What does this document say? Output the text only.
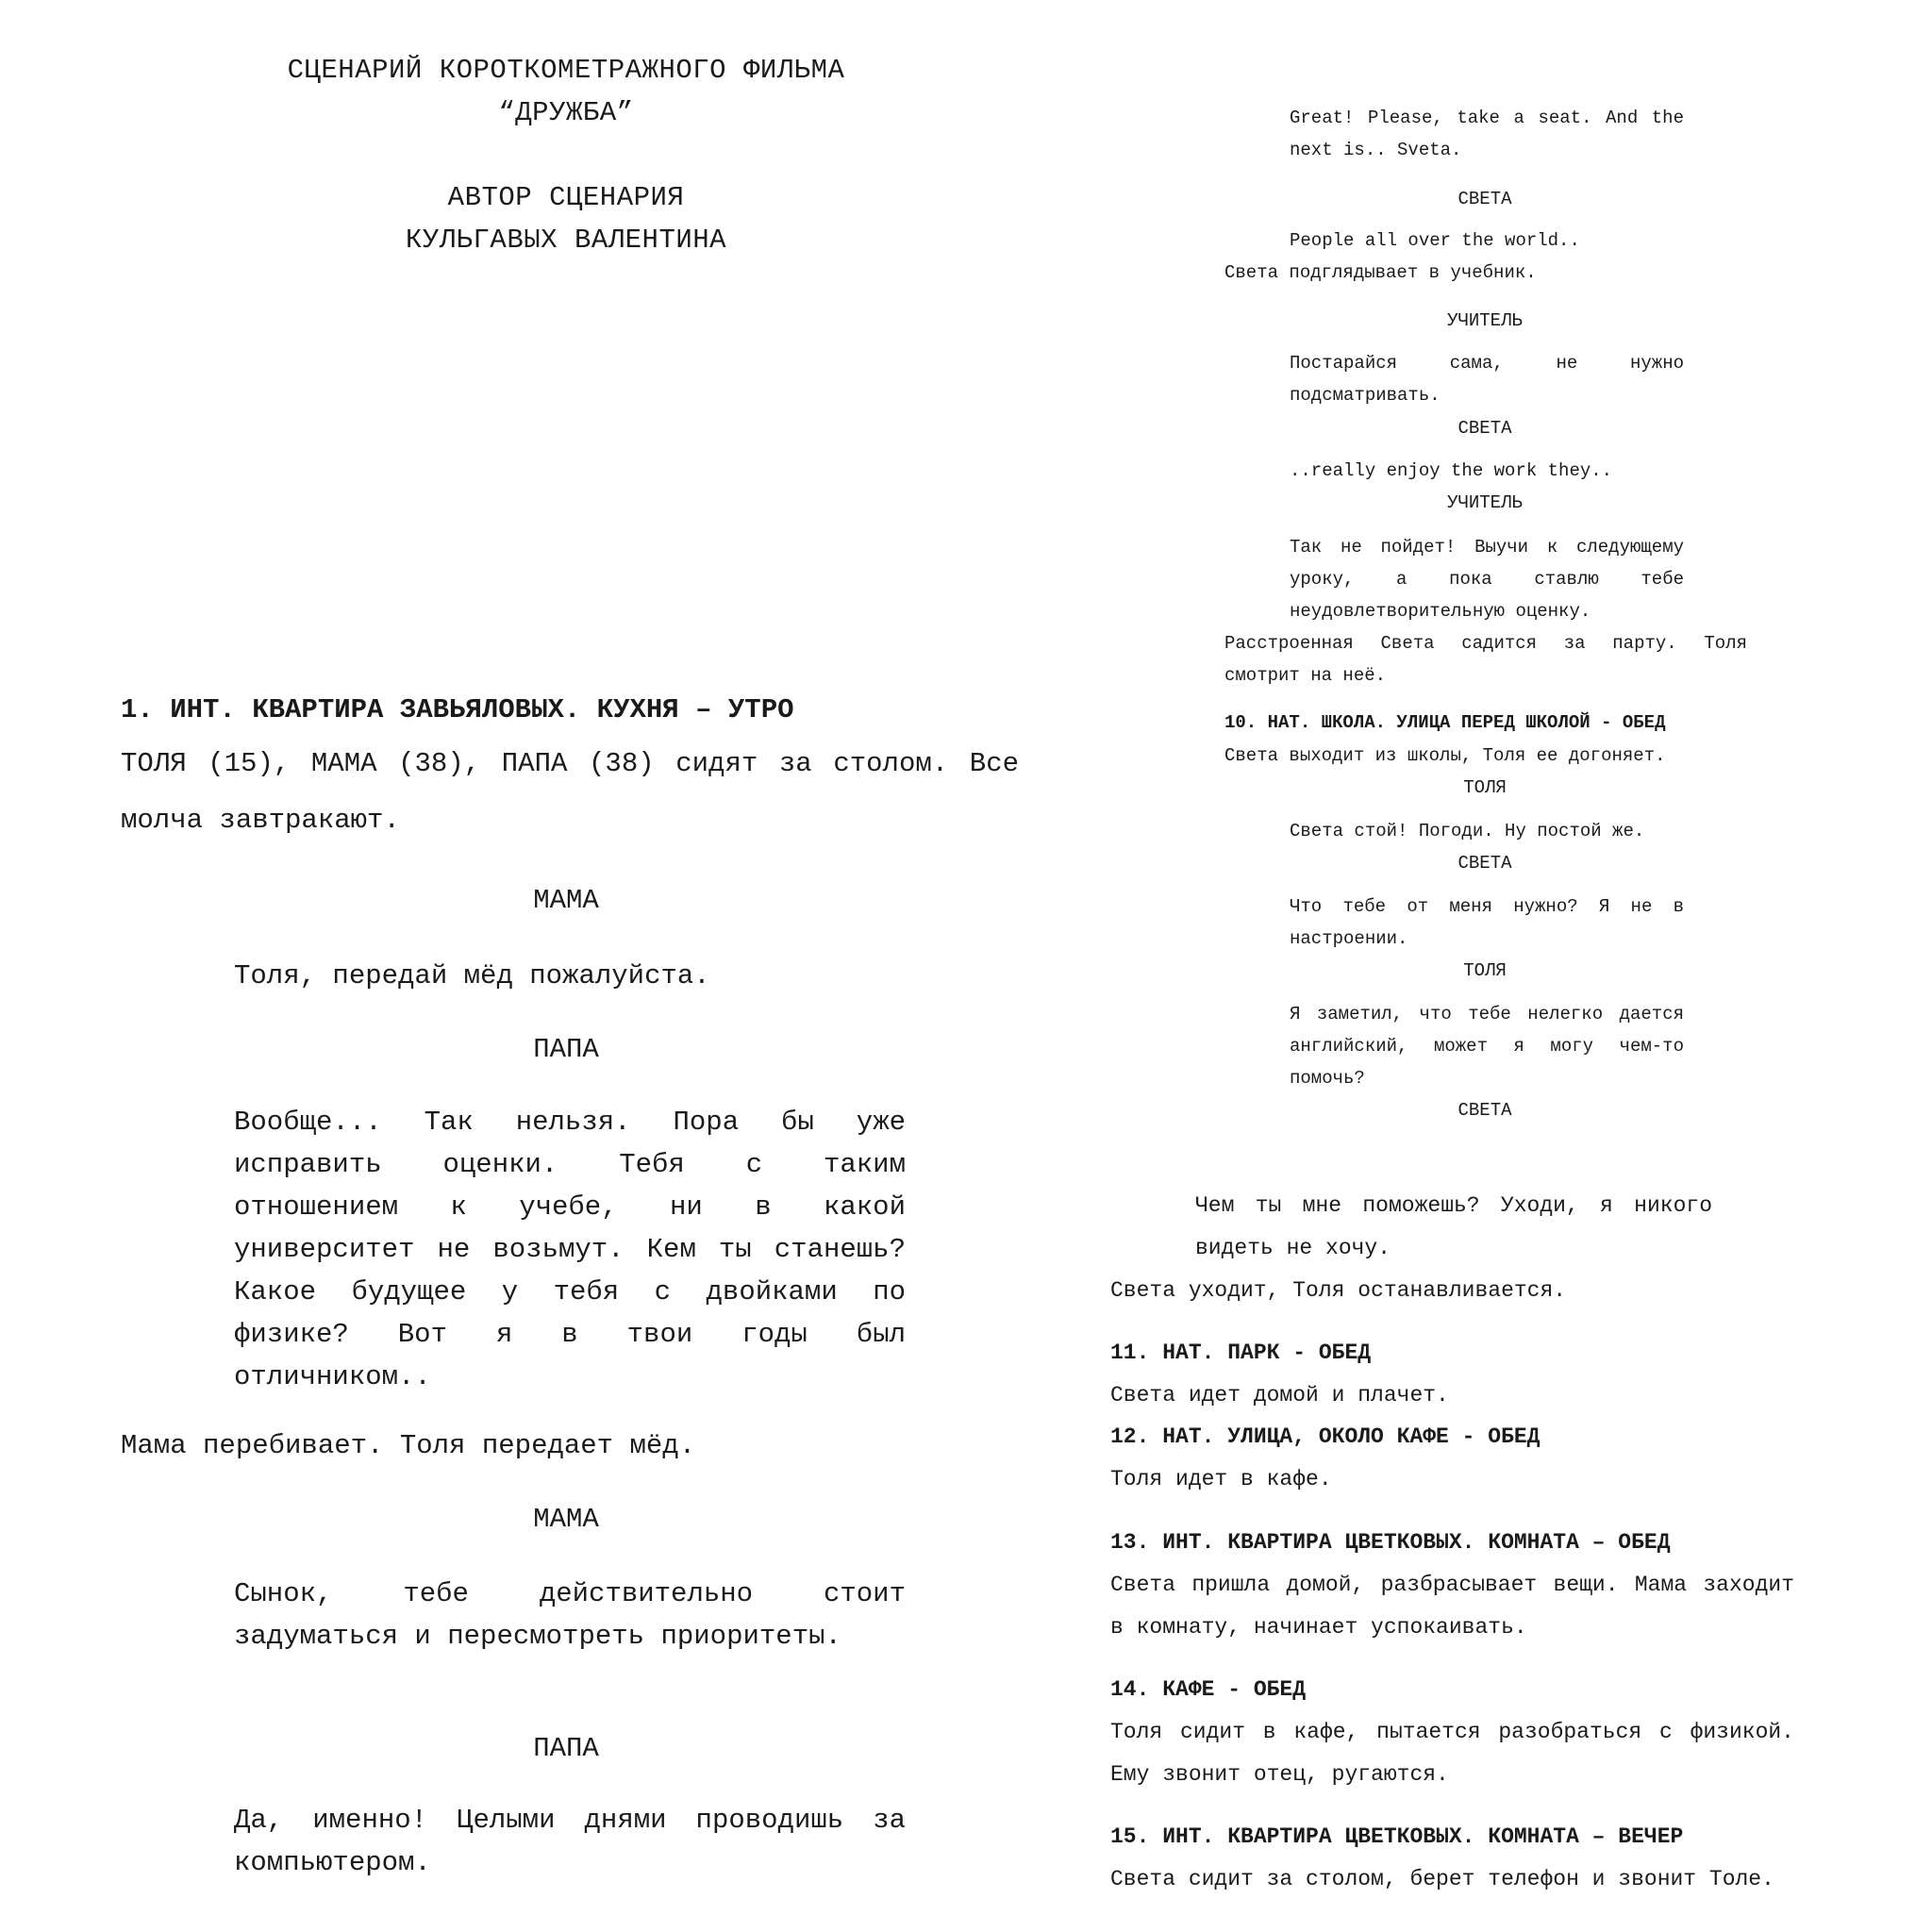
СЦЕНАРИЙ КОРОТКОМЕТРАЖНОГО ФИЛЬМА
“ДРУЖБА”
АВТОР СЦЕНАРИЯ
КУЛЬГАВЫХ ВАЛЕНТИНА
1. ИНТ. КВАРТИРА ЗАВЬЯЛОВЫХ. КУХНЯ – УТРО
ТОЛЯ (15), МАМА (38), ПАПА (38) сидят за столом. Все молча завтракают.
МАМА
Толя, передай мёд пожалуйста.
ПАПА
Вообще... Так нельзя. Пора бы уже исправить оценки. Тебя с таким отношением к учебе, ни в какой университет не возьмут. Кем ты станешь? Какое будущее у тебя с двойками по физике? Вот я в твои годы был отличником..
Мама перебивает. Толя передает мёд.
МАМА
Сынок, тебе действительно стоит задуматься и пересмотреть приоритеты.
ПАПА
Да, именно! Целыми днями проводишь за компьютером.
Great! Please, take a seat. And the next is.. Sveta.
СВЕТА
People all over the world..
Света подглядывает в учебник.
УЧИТЕЛЬ
Постарайся сама, не нужно подсматривать.
СВЕТА
..really enjoy the work they..
УЧИТЕЛЬ
Так не пойдет! Выучи к следующему уроку, а пока ставлю тебе неудовлетворительную оценку.
Расстроенная Света садится за парту. Толя смотрит на неё.
10. НАТ. ШКОЛА. УЛИЦА ПЕРЕД ШКОЛОЙ - ОБЕД
Света выходит из школы, Толя ее догоняет.
ТОЛЯ
Света стой! Погоди. Ну постой же.
СВЕТА
Что тебе от меня нужно? Я не в настроении.
ТОЛЯ
Я заметил, что тебе нелегко дается английский, может я могу чем-то помочь?
СВЕТА
Чем ты мне поможешь? Уходи, я никого видеть не хочу.
Света уходит, Толя останавливается.
11. НАТ. ПАРК - ОБЕД
Света идет домой и плачет.
12. НАТ. УЛИЦА, ОКОЛО КАФЕ - ОБЕД
Толя идет в кафе.
13. ИНТ. КВАРТИРА ЦВЕТКОВЫХ. КОМНАТА – ОБЕД
Света пришла домой, разбрасывает вещи. Мама заходит в комнату, начинает успокаивать.
14. КАФЕ - ОБЕД
Толя сидит в кафе, пытается разобраться с физикой. Ему звонит отец, ругаются.
15. ИНТ. КВАРТИРА ЦВЕТКОВЫХ. КОМНАТА – ВЕЧЕР
Света сидит за столом, берет телефон и звонит Толе.
